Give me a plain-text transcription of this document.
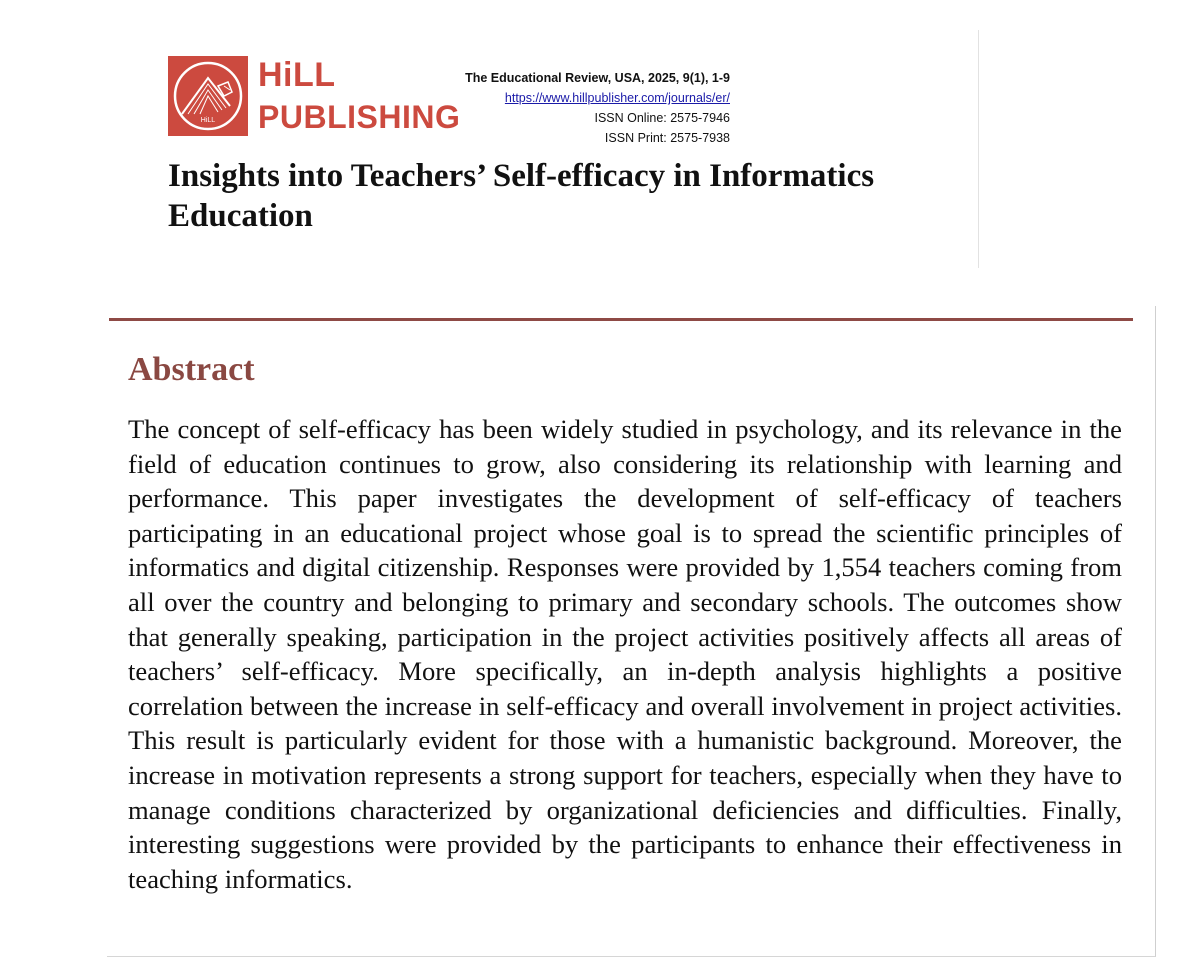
HiLL
HiLL
PUBLISHING
The Educational Review, USA, 2025, 9(1), 1-9
https://www.hillpublisher.com/journals/er/
ISSN Online: 2575-7946
ISSN Print: 2575-7938
Insights into Teachers’ Self-efficacy in Informatics Education
Abstract

The concept of self-efficacy has been widely studied in psychology, and its relevance in the field of education continues to grow, also considering its relationship with learning and performance. This paper investigates the development of self-efficacy of teachers participating in an educational project whose goal is to spread the scientific principles of informatics and digital citizenship. Responses were provided by 1,554 teachers coming from all over the country and belonging to primary and secondary schools. The outcomes show that generally speaking, participation in the project activities positively affects all areas of teachers’ self-efficacy. More specifically, an in-depth analysis highlights a positive correlation between the increase in self-efficacy and overall involvement in project activities. This result is particularly evident for those with a humanistic background. Moreover, the increase in motivation represents a strong support for teachers, especially when they have to manage conditions characterized by organizational deficiencies and difficulties. Finally, interesting suggestions were provided by the participants to enhance their effectiveness in teaching informatics.
